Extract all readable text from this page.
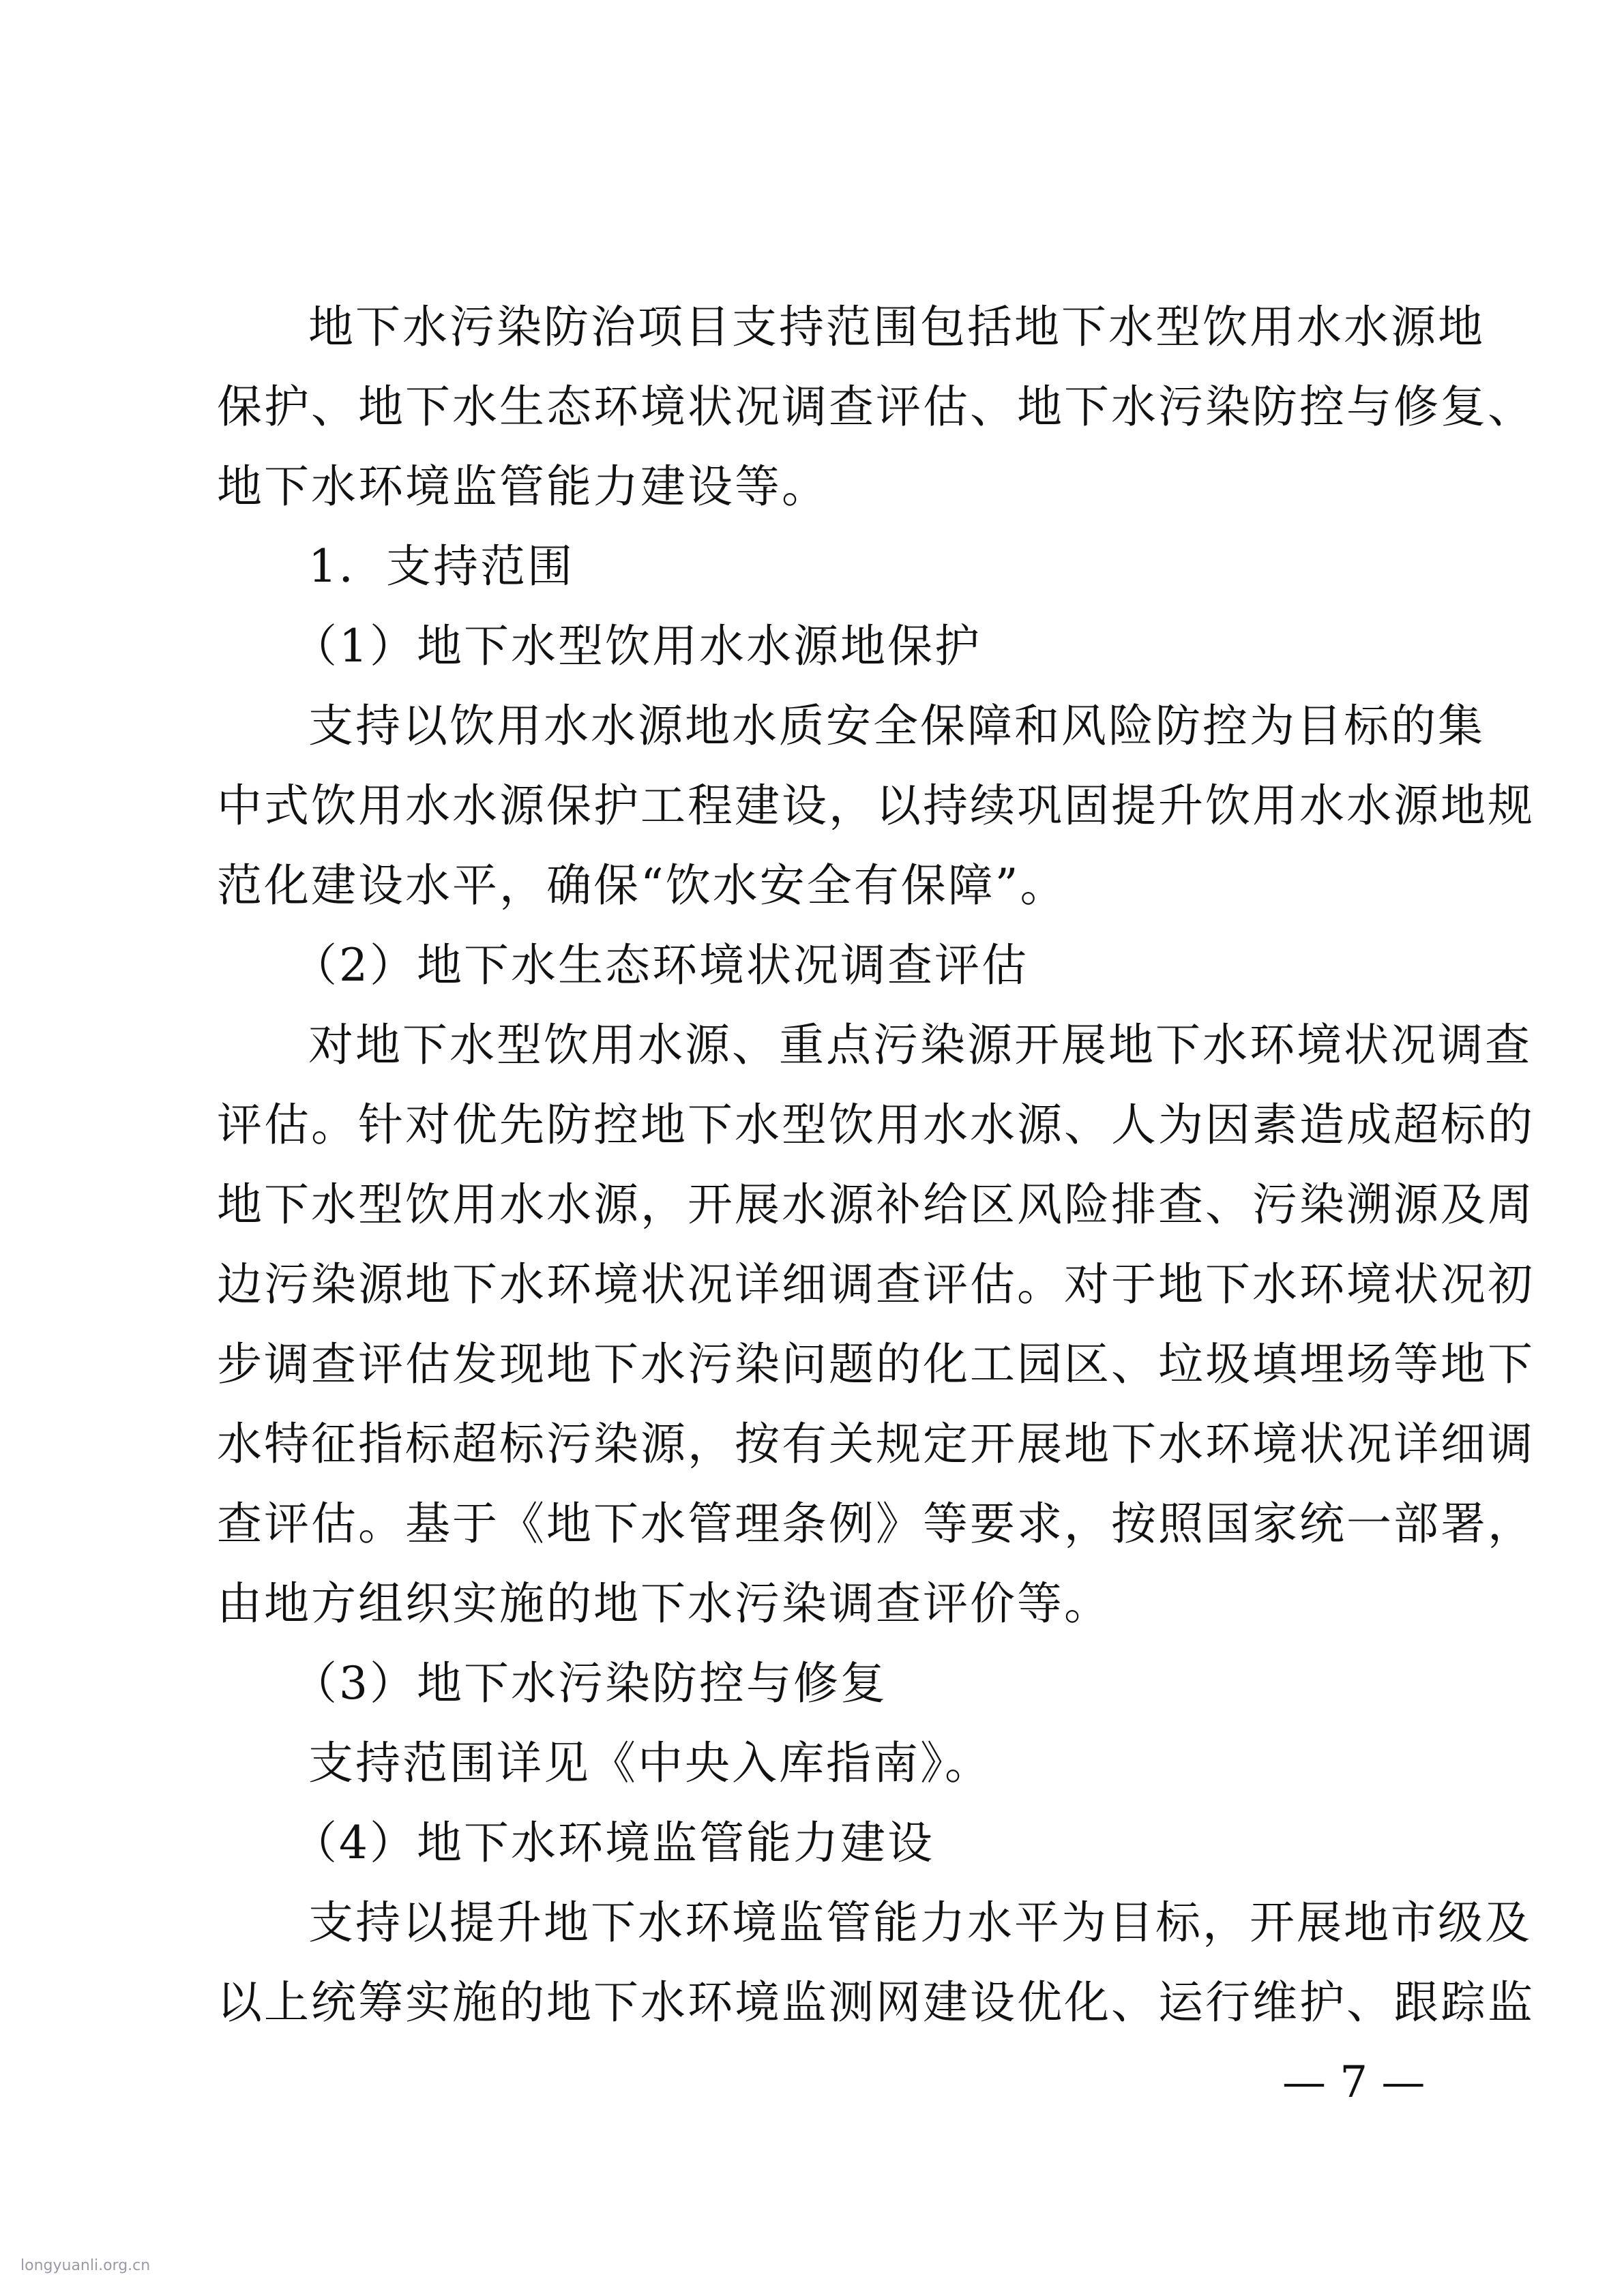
地下水污染防治项目支持范围包括地下水型饮用水水源地
保护、地下水生态环境状况调查评估、地下水污染防控与修复、
地下水环境监管能力建设等。
1．支持范围
（1）地下水型饮用水水源地保护
支持以饮用水水源地水质安全保障和风险防控为目标的集
中式饮用水水源保护工程建设，以持续巩固提升饮用水水源地规
范化建设水平，确保“饮水安全有保障”。
（2）地下水生态环境状况调查评估
对地下水型饮用水源、重点污染源开展地下水环境状况调查
评估。针对优先防控地下水型饮用水水源、人为因素造成超标的
地下水型饮用水水源，开展水源补给区风险排查、污染溯源及周
边污染源地下水环境状况详细调查评估。对于地下水环境状况初
步调查评估发现地下水污染问题的化工园区、垃圾填埋场等地下
水特征指标超标污染源，按有关规定开展地下水环境状况详细调
查评估。基于《地下水管理条例》等要求，按照国家统一部署，
由地方组织实施的地下水污染调查评价等。
（3）地下水污染防控与修复
支持范围详见《中央入库指南》。
（4）地下水环境监管能力建设
支持以提升地下水环境监管能力水平为目标，开展地市级及
以上统筹实施的地下水环境监测网建设优化、运行维护、跟踪监
— 7 —
longyuanli.org.cn
